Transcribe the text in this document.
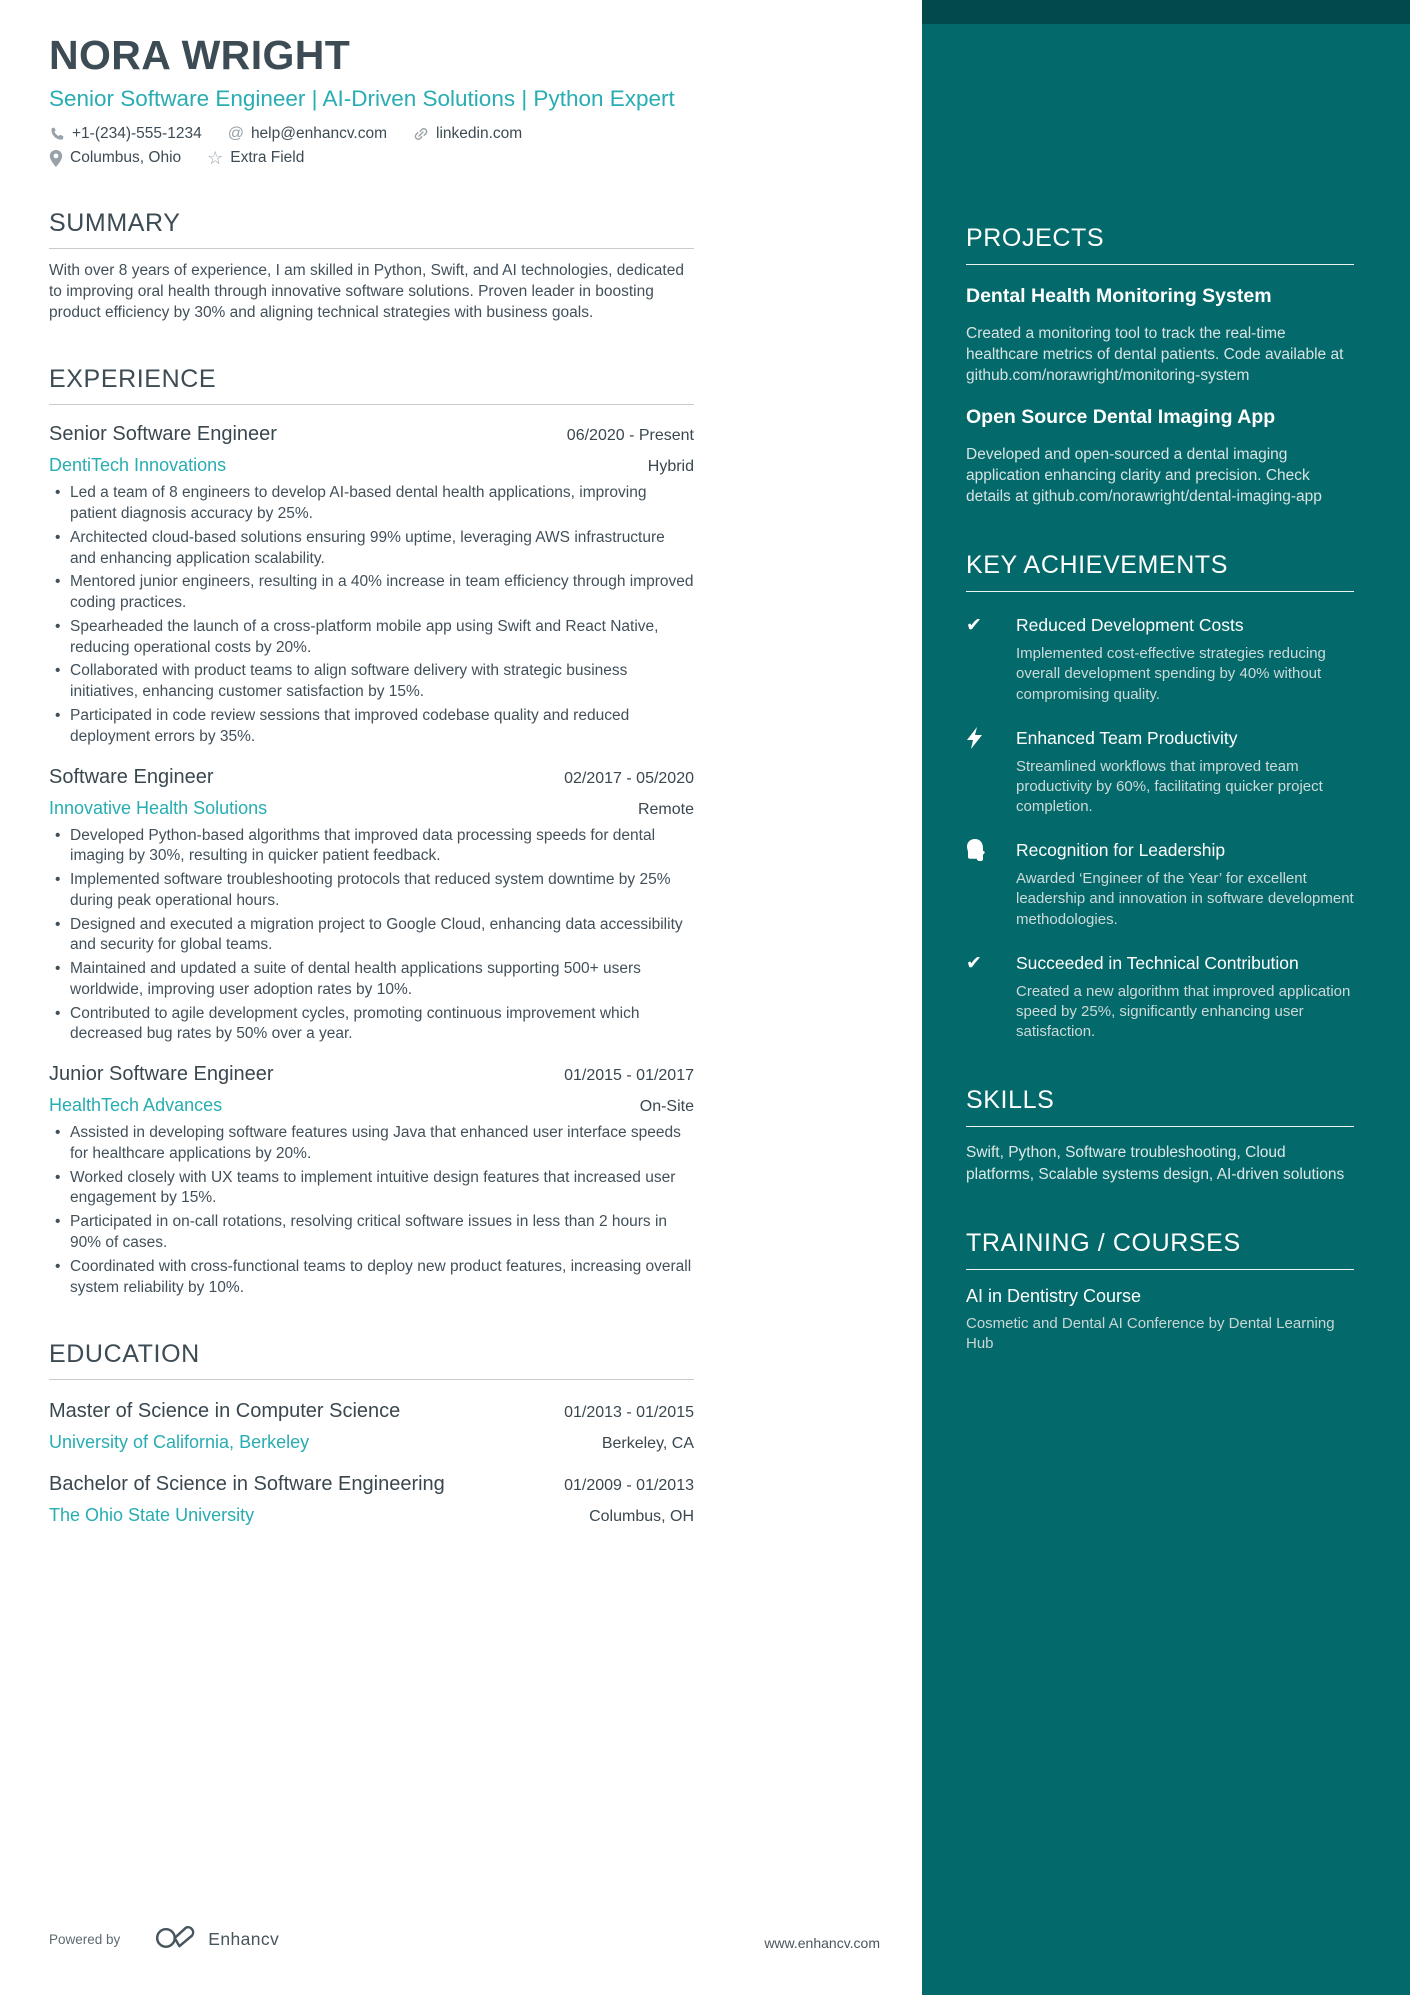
PROJECTS
Dental Health Monitoring System

Created a monitoring tool to track the real-time healthcare metrics of dental patients. Code available at github.com/norawright/monitoring-system

Open Source Dental Imaging App

Developed and open-sourced a dental imaging application enhancing clarity and precision. Check details at github.com/norawright/dental-imaging-app

KEY ACHIEVEMENTS
✔	Reduced Development Costs
Implemented cost-effective strategies reducing overall development spending by 40% without compromising quality.
Enhanced Team Productivity
Streamlined workflows that improved team productivity by 60%, facilitating quicker project completion.
Recognition for Leadership
Awarded ‘Engineer of the Year’ for excellent leadership and innovation in software development methodologies.
✔	Succeeded in Technical Contribution
Created a new algorithm that improved application speed by 25%, significantly enhancing user satisfaction.
SKILLS

Swift, Python, Software troubleshooting, Cloud platforms, Scalable systems design, AI-driven solutions

TRAINING / COURSES
AI in Dentistry Course

Cosmetic and Dental AI Conference by Dental Learning Hub

NORA WRIGHT
Senior Software Engineer | AI-Driven Solutions | Python Expert
+1-(234)-555-1234 @ help@enhancv.com	linkedin.com
Columbus, Ohio ☆ Extra Field
SUMMARY

With over 8 years of experience, I am skilled in Python, Swift, and AI technologies, dedicated to improving oral health through innovative software solutions. Proven leader in boosting product efficiency by 30% and aligning technical strategies with business goals.

EXPERIENCE
Senior Software Engineer	06/2020 - Present
DentiTech Innovations	Hybrid
• Led a team of 8 engineers to develop AI-based dental health applications, improving patient diagnosis accuracy by 25%.
• Architected cloud-based solutions ensuring 99% uptime, leveraging AWS infrastructure and enhancing application scalability.
• Mentored junior engineers, resulting in a 40% increase in team efficiency through improved coding practices.
• Spearheaded the launch of a cross-platform mobile app using Swift and React Native, reducing operational costs by 20%.
• Collaborated with product teams to align software delivery with strategic business initiatives, enhancing customer satisfaction by 15%.
• Participated in code review sessions that improved codebase quality and reduced deployment errors by 35%.
Software Engineer	02/2017 - 05/2020
Innovative Health Solutions	Remote
• Developed Python-based algorithms that improved data processing speeds for dental imaging by 30%, resulting in quicker patient feedback.
• Implemented software troubleshooting protocols that reduced system downtime by 25% during peak operational hours.
• Designed and executed a migration project to Google Cloud, enhancing data accessibility and security for global teams.
• Maintained and updated a suite of dental health applications supporting 500+ users worldwide, improving user adoption rates by 10%.
• Contributed to agile development cycles, promoting continuous improvement which decreased bug rates by 50% over a year.
Junior Software Engineer	01/2015 - 01/2017
HealthTech Advances	On-Site
• Assisted in developing software features using Java that enhanced user interface speeds for healthcare applications by 20%.
• Worked closely with UX teams to implement intuitive design features that increased user engagement by 15%.
• Participated in on-call rotations, resolving critical software issues in less than 2 hours in 90% of cases.
• Coordinated with cross-functional teams to deploy new product features, increasing overall system reliability by 10%.
EDUCATION
Master of Science in Computer Science	01/2013 - 01/2015
University of California, Berkeley	Berkeley, CA
Bachelor of Science in Software Engineering	01/2009 - 01/2013
The Ohio State University	Columbus, OH
Powered by	Enhancv	www.enhancv.com
